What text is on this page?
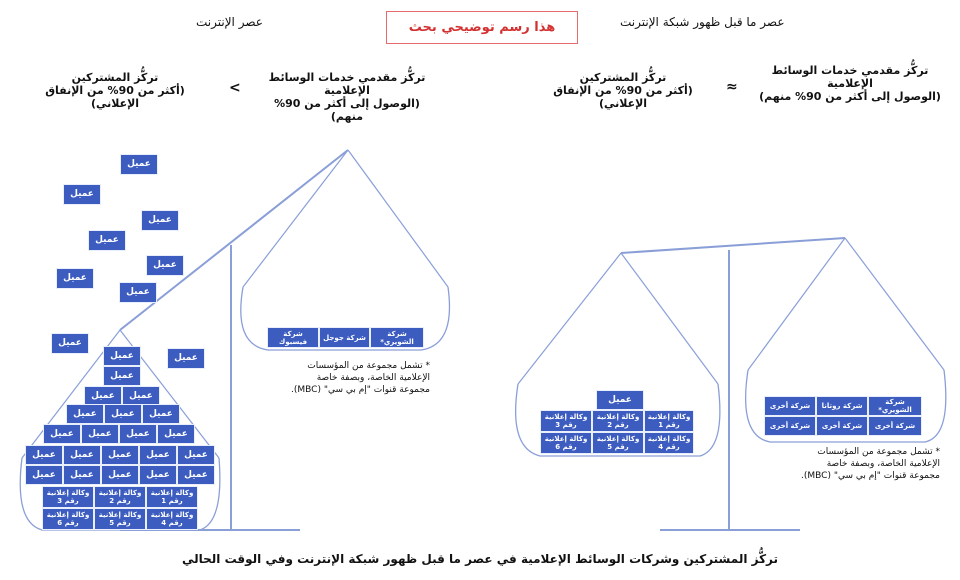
عصر الإنترنت	هذا رسم توضيحي بحث	عصر ما قبل ظهور شبكة الإنترنت
تركُّز مقدمي خدمات الوسائط
الإعلامية
(الوصول إلى أكثر من 90% منهم)
<
تركُّز المشتركين
(أكثر من 90% من الإنفاق الإعلاني)
تركُّز مقدمي خدمات الوسائط
الإعلامية
(الوصول إلى أكثر من 90% منهم)
≈
تركُّز المشتركين
(أكثر من 90% من الإنفاق الإعلاني)
عميل
عميل
عميل
عميل
عميل
عميل
عميل
عميل
عميل
عميل
عميل
عميل	عميل
عميل	عميل	عميل
عميل	عميل	عميل	عميل
عميل	عميل	عميل	عميل	عميل
عميل	عميل	عميل	عميل	عميل
وكالة إعلانية رقم 1
وكالة إعلانية رقم 2
وكالة إعلانية رقم 3
وكالة إعلانية رقم 4
وكالة إعلانية رقم 5
وكالة إعلانية رقم 6
شركة الشويري*
شركة جوجل
شركة فيسبوك
* تشمل مجموعة من المؤسسات
الإعلامية الخاصة، وبصفة خاصة
مجموعة قنوات "إم بي سي" (MBC).
عميل
وكالة إعلانية رقم 1
وكالة إعلانية رقم 2
وكالة إعلانية رقم 3
وكالة إعلانية رقم 4
وكالة إعلانية رقم 5
وكالة إعلانية رقم 6
شركة الشويري*
شركة روتانا
شركة أخرى
شركة أخرى
شركة أخرى
شركة أخرى
* تشمل مجموعة من المؤسسات
الإعلامية الخاصة، وبصفة خاصة
مجموعة قنوات "إم بي سي" (MBC).
تركُّز المشتركين وشركات الوسائط الإعلامية في عصر ما قبل ظهور شبكة الإنترنت وفي الوقت الحالي
